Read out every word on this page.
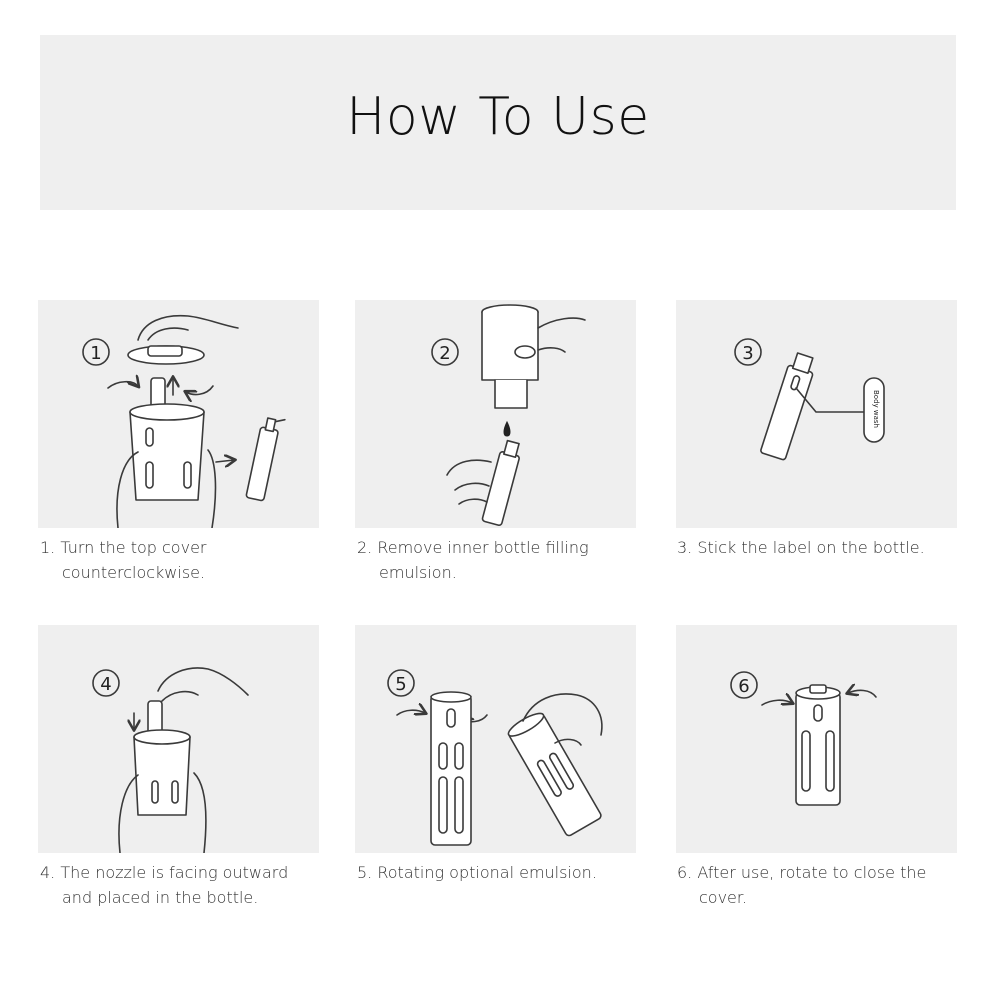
How To Use
1
1. Turn the top cover
counterclockwise.
2
2. Remove inner bottle filling
emulsion.
3
Body wash
3. Stick the label on the bottle.
4
4. The nozzle is facing outward
and placed in the bottle.
5
5. Rotating optional emulsion.
6
6. After use, rotate to close the
cover.
